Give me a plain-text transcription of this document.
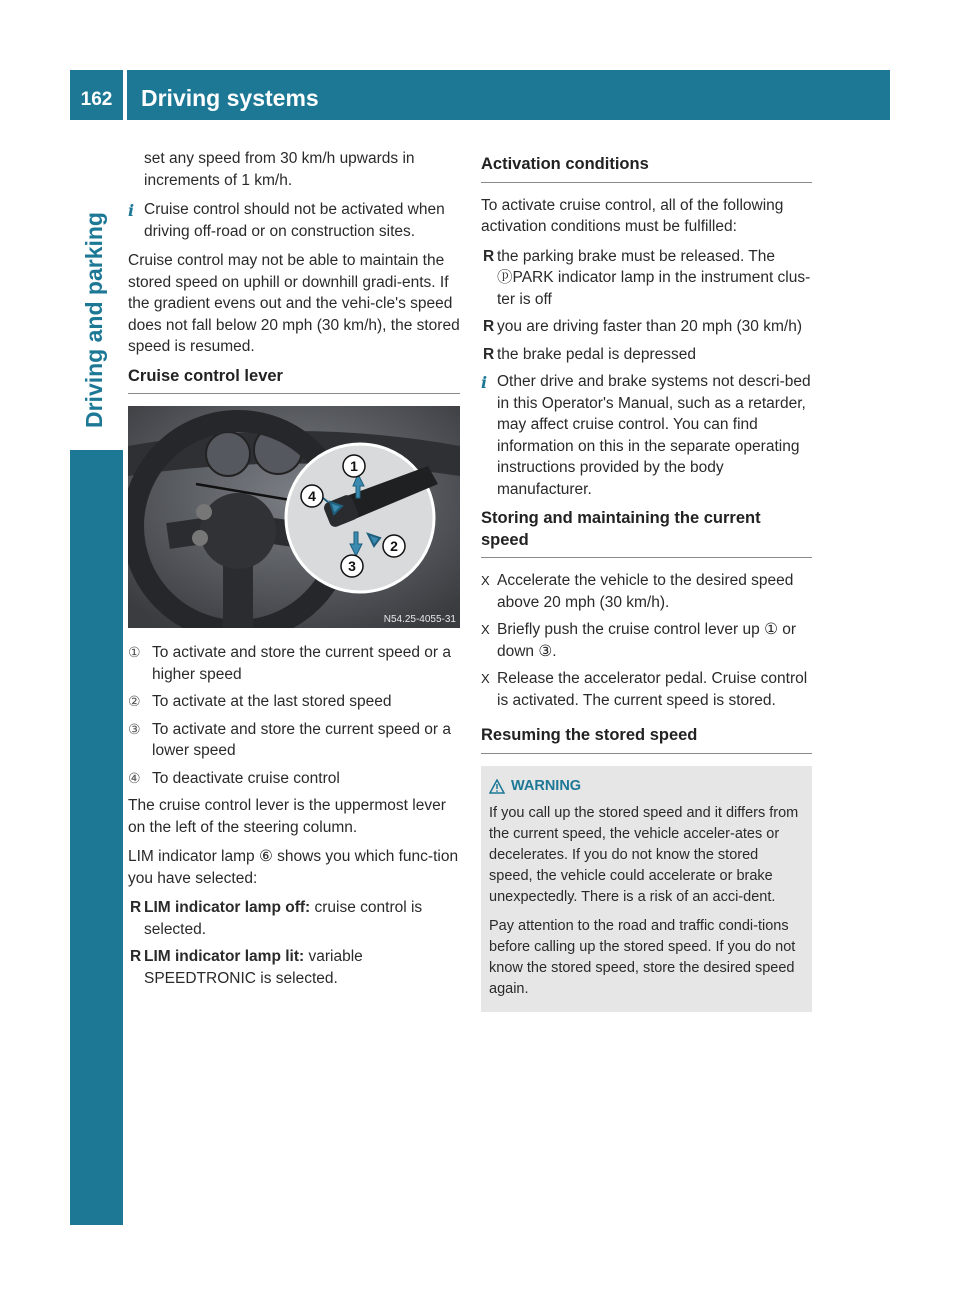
162	Driving systems
Driving and parking

set any speed from 30 km/h upwards in increments of 1 km/h.

i Cruise control should not be activated when driving off-road or on construction sites.

Cruise control may not be able to maintain the stored speed on uphill or downhill gradi-ents. If the gradient evens out and the vehi-cle's speed does not fall below 20 mph (30 km/h), the stored speed is resumed.

Cruise control lever
1
2
3
4
N54.25-4055-31
① To activate and store the current speed or a higher speed
② To activate at the last stored speed
③ To activate and store the current speed or a lower speed
④ To deactivate cruise control

The cruise control lever is the uppermost lever on the left of the steering column.

LIM indicator lamp ⑥ shows you which func-tion you have selected:

R LIM indicator lamp off: cruise control is selected.
R LIM indicator lamp lit: variable SPEEDTRONIC is selected.
Activation conditions

To activate cruise control, all of the following activation conditions must be fulfilled:

R the parking brake must be released. The ⓟPARK indicator lamp in the instrument clus-ter is off
R you are driving faster than 20 mph (30 km/h)
R the brake pedal is depressed
i Other drive and brake systems not descri-bed in this Operator's Manual, such as a retarder, may affect cruise control. You can find information on this in the separate operating instructions provided by the body manufacturer.
Storing and maintaining the current speed
X Accelerate the vehicle to the desired speed above 20 mph (30 km/h).
X Briefly push the cruise control lever up ① or down ③.
X Release the accelerator pedal. Cruise control is activated. The current speed is stored.
Resuming the stored speed
WARNING

If you call up the stored speed and it differs from the current speed, the vehicle acceler-ates or decelerates. If you do not know the stored speed, the vehicle could accelerate or brake unexpectedly. There is a risk of an acci-dent.

Pay attention to the road and traffic condi-tions before calling up the stored speed. If you do not know the stored speed, store the desired speed again.
